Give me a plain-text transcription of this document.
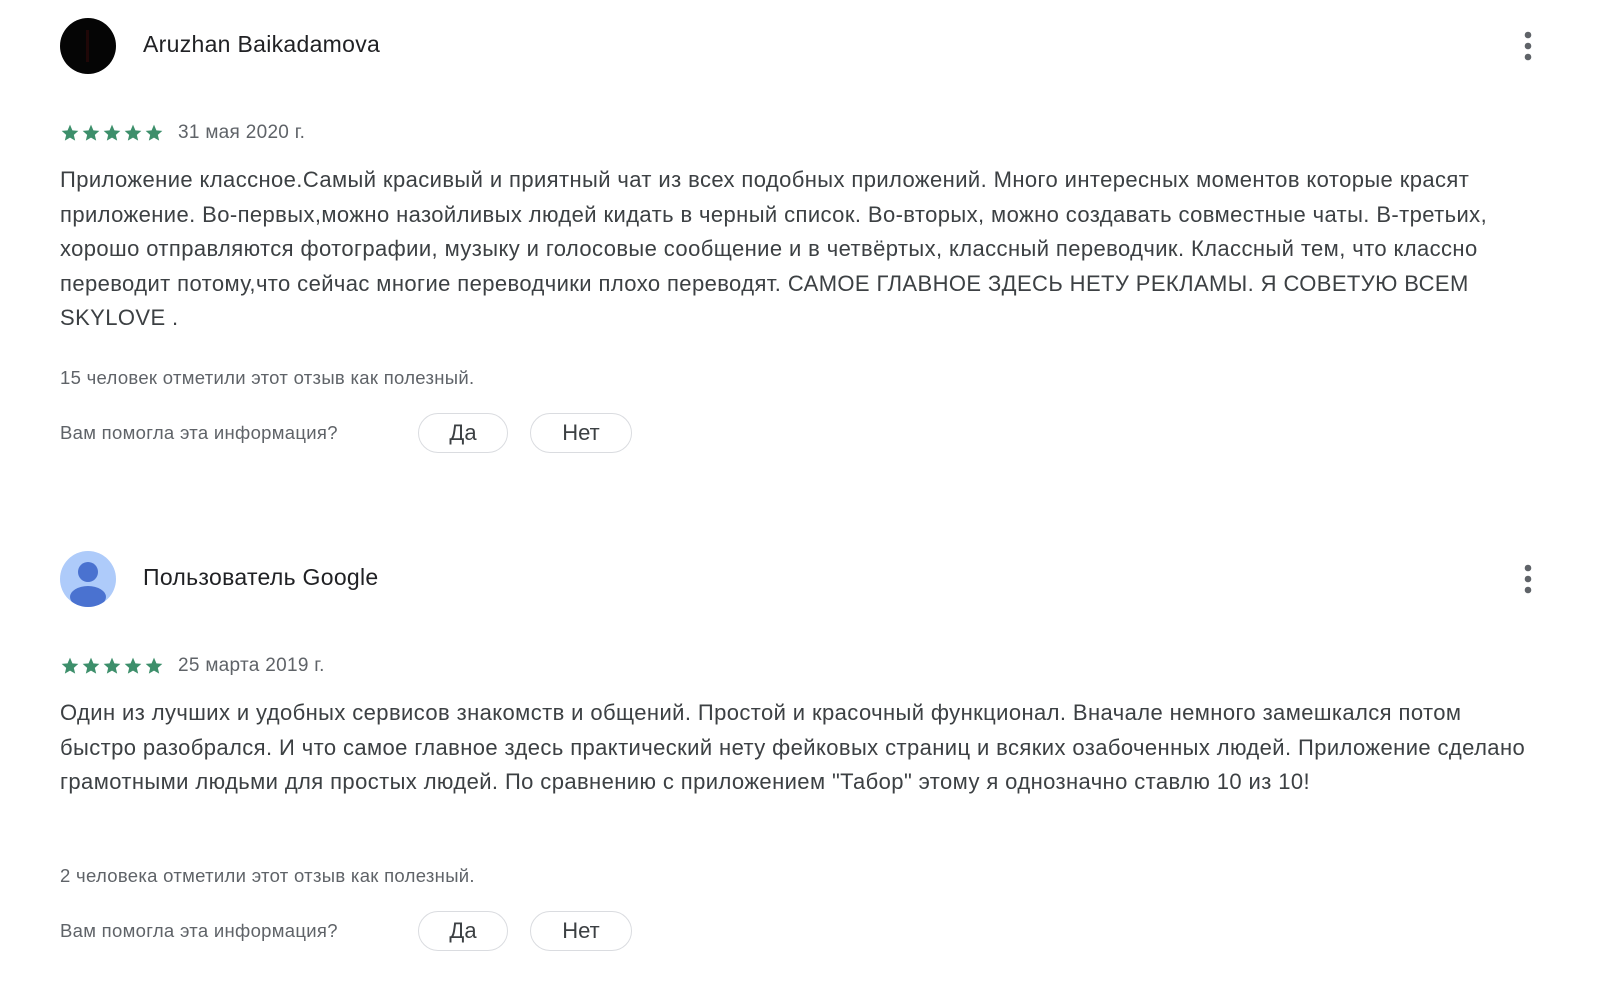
Aruzhan Baikadamova
31 мая 2020 г.

Приложение классное.Самый красивый и приятный чат из всех подобных приложений. Много интересных моментов которые красят приложение. Во-первых,можно назойливых людей кидать в черный список. Во-вторых, можно создавать совместные чаты. В-третьих, хорошо отправляются фотографии, музыку и голосовые сообщение и в четвёртых, классный переводчик. Классный тем, что классно переводит потому,что сейчас многие переводчики плохо переводят. САМОЕ ГЛАВНОЕ ЗДЕСЬ НЕТУ РЕКЛАМЫ. Я СОВЕТУЮ ВСЕМ SKYLOVE .

15 человек отметили этот отзыв как полезный.
Вам помогла эта информация?	Да	Нет
Пользователь Google
25 марта 2019 г.

Один из лучших и удобных сервисов знакомств и общений. Простой и красочный функционал. Вначале немного замешкался потом быстро разобрался. И что самое главное здесь практический нету фейковых страниц и всяких озабоченных людей. Приложение сделано грамотными людьми для простых людей. По сравнению с приложением "Табор" этому я однозначно ставлю 10 из 10!

2 человека отметили этот отзыв как полезный.
Вам помогла эта информация?	Да	Нет
